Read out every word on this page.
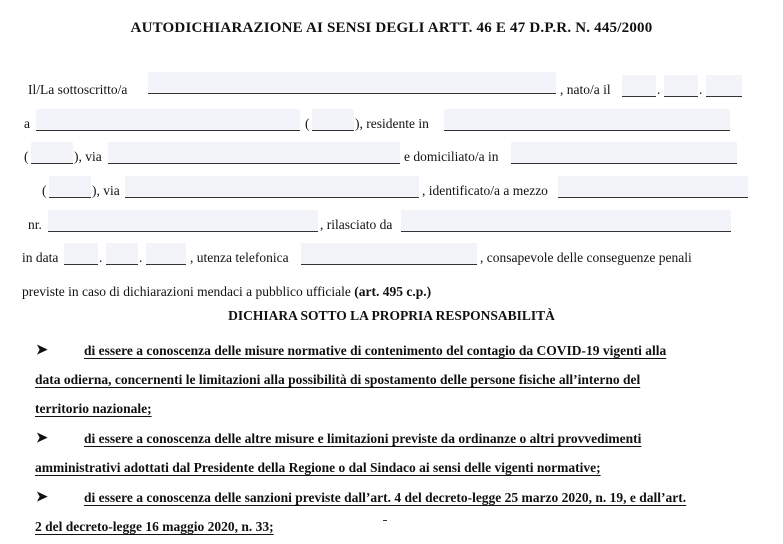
AUTODICHIARAZIONE AI SENSI DEGLI ARTT. 46 E 47 D.P.R. N. 445/2000
Il/La sottoscritto/a	, nato/a il	.	.
a	(	), residente in
(	), via	e domiciliato/a in
(	), via	, identificato/a a mezzo
nr.	, rilasciato da
in data	.	.	, utenza telefonica	, consapevole delle conseguenze penali
previste in caso di dichiarazioni mendaci a pubblico ufficiale (art. 495 c.p.)
DICHIARA SOTTO LA PROPRIA RESPONSABILITÀ
➤	di essere a conoscenza delle misure normative di contenimento del contagio da COVID-19 vigenti alla
data odierna, concernenti le limitazioni alla possibilità di spostamento delle persone fisiche all’interno del
territorio nazionale;
➤	di essere a conoscenza delle altre misure e limitazioni previste da ordinanze o altri provvedimenti
amministrativi adottati dal Presidente della Regione o dal Sindaco ai sensi delle vigenti normative;
➤	di essere a conoscenza delle sanzioni previste dall’art. 4 del decreto-legge 25 marzo 2020, n. 19, e dall’art.
2 del decreto-legge 16 maggio 2020, n. 33;
